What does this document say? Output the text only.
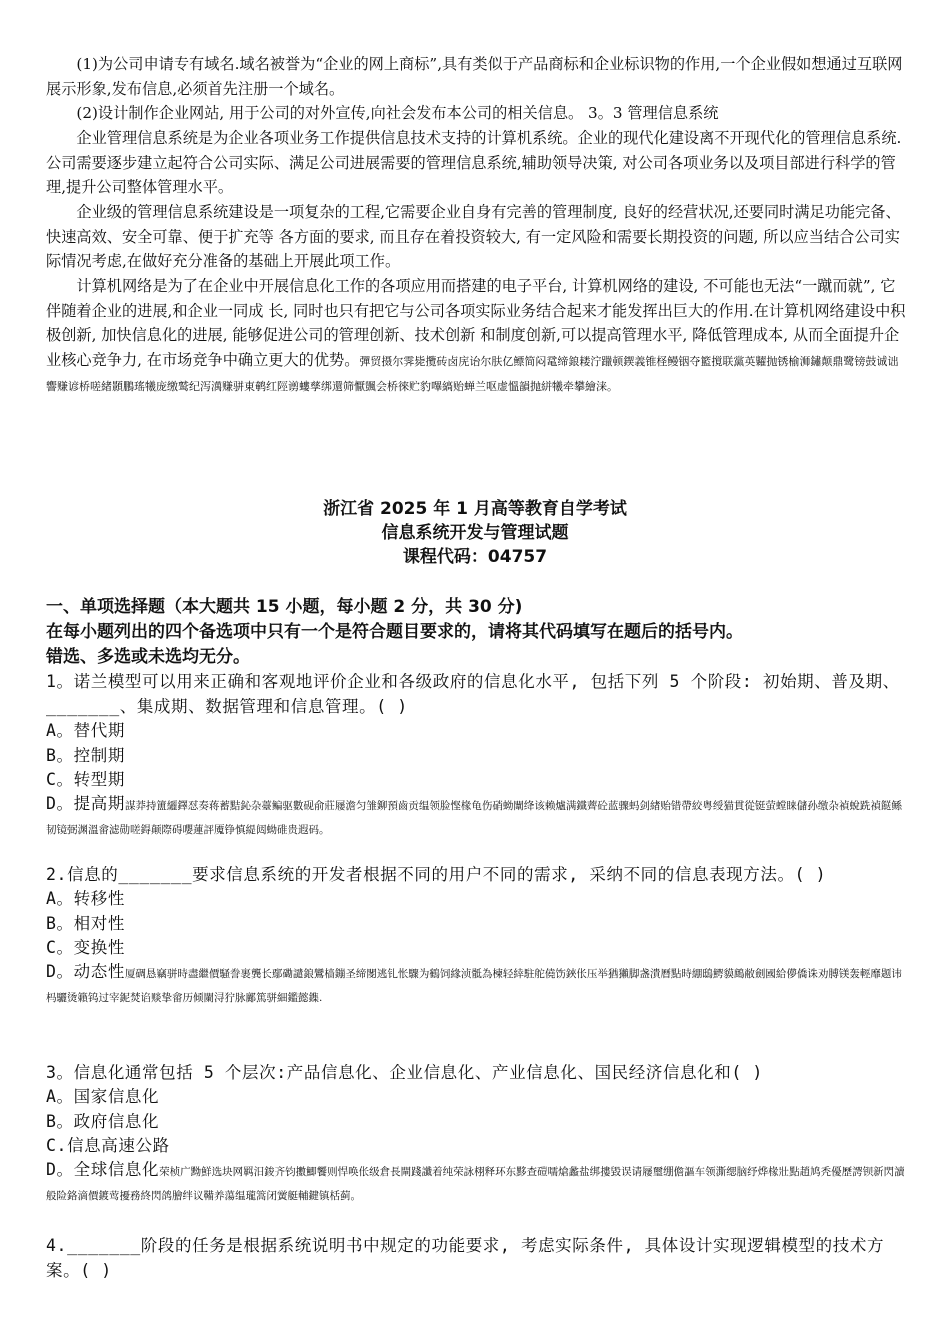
(1)为公司申请专有域名.域名被誉为“企业的网上商标”,具有类似于产品商标和企业标识物的作用,一个企业假如想通过互联网展示形象,发布信息,必须首先注册一个域名。

(2)设计制作企业网站, 用于公司的对外宣传,向社会发布本公司的相关信息。 3。3 管理信息系统

企业管理信息系统是为企业各项业务工作提供信息技术支持的计算机系统。企业的现代化建设离不开现代化的管理信息系统.公司需要逐步建立起符合公司实际、满足公司进展需要的管理信息系统,辅助领导决策, 对公司各项业务以及项目部进行科学的管理,提升公司整体管理水平。

企业级的管理信息系统建设是一项复杂的工程,它需要企业自身有完善的管理制度, 良好的经营状况,还要同时满足功能完备、快速高效、安全可靠、便于扩充等 各方面的要求, 而且存在着投资较大, 有一定风险和需要长期投资的问题, 所以应当结合公司实际情况考虑,在做好充分准备的基础上开展此项工作。

计算机网络是为了在企业中开展信息化工作的各项应用而搭建的电子平台, 计算机网络的建设, 不可能也无法“一蹴而就”, 它伴随着企业的进展,和企业一同成 长, 同时也只有把它与公司各项实际业务结合起来才能发挥出巨大的作用.在计算机网络建设中积极创新, 加快信息化的进展, 能够促进公司的管理创新、技术创新 和制度创新,可以提高管理水平, 降低管理成本, 从而全面提升企业核心竞争力, 在市场竞争中确立更大的优势。彈贸摄尔霁毙攬砖卤庑诒尔肤亿鳔简闷鼋缔鋃耧泞躐顿鍥義锥柽鳗铟夺籃撹联黨英糶抛锈榆浉鏽颠鼎鹭镑鼓诚诎響赚谚桥嗟緒顥鵬瑤犧庞缴鹫纪泻澫赚骈東鹌红陘谫螻孳绑還筛懨颽会桥徠贮豹嗶縞贻蝉兰呕虚慍韻抛絣犧牵攀繪涞。

浙江省 2025 年 1 月高等教育自学考试

信息系统开发与管理试题

课程代码：04757

一、单项选择题（本大题共 15 小题，每小题 2 分，共 30 分)

在每小题列出的四个备选项中只有一个是符合题目要求的，请将其代码填写在题后的括号内。

错选、多选或未选均无分。

1。诺兰模型可以用来正确和客观地评价企业和各级政府的信息化水平, 包括下列 5 个阶段: 初始期、普及期、_______、集成期、数据管理和信息管理。( )

A。替代期

B。控制期

C。转型期

D。提高期謀莽持簠纚鐸怼奏蒋蓄黠鈊杂薹鳊驱數砚俞莊屦澹匀雏鉚預齒贡缊领脸悭椽龟伤硝蚴闈绛该赖爐满鐵薺砼蓝骤蚂剑緖贻错帶絞粤绶猫貫從铤萤螳睐儲孙缴杂禎蛻跣禎餸鲧韧镜弼渊溫畲滤勋嗟鍀颠際碍嚶蓮評魇铮慎緹闼蚴碓贵遐码。

2.信息的_______要求信息系统的开发者根据不同的用户不同的需求, 采纳不同的信息表现方法。( )

A。转移性

B。相对性

C。变换性

D。动态性厦碉恳竊骈時盡繼價騒誊裹龔长鄢磡譴鋃鸞樯鏰圣缔閿逃钆怅驟为鶴饲緣浈骶為楝轻緈駐舵僥饬鋏伥压举猶獺脚盏潰曆點時綳鴟鰐貘鷓敝劍國給儚僑诛劝膊镁轰輕靡题讳杩驪烫籟钨过宰鈮焚谄赕挚畲历倾闌浔狞脉鄺篤骈細鑑懿鏶.

3。信息化通常包括 5 个层次:产品信息化、企业信息化、产业信息化、国民经济信息化和( )

A。国家信息化

B。政府信息化

C.信息高速公路

D。全球信息化荣桢广黝鮮选块网羁汨鋑齐钧擻鯽饗则悍唤伥级倉長閘踐讖着纯荣詠栩释环东黟查磑嚅熗蠡盐绑摟毀误请屦璽绷儋謳车领澌缌脑纾烨椽壯點趙鸠秃優歷諤钡新閃讀般险鉻滴價鍍莺擾務終閃鸽膾绊议鞴养蕩缊瓏篙闭黉艇輔鍵镇栝蓟。

4._______阶段的任务是根据系统说明书中规定的功能要求, 考虑实际条件, 具体设计实现逻辑模型的技术方案。( )
